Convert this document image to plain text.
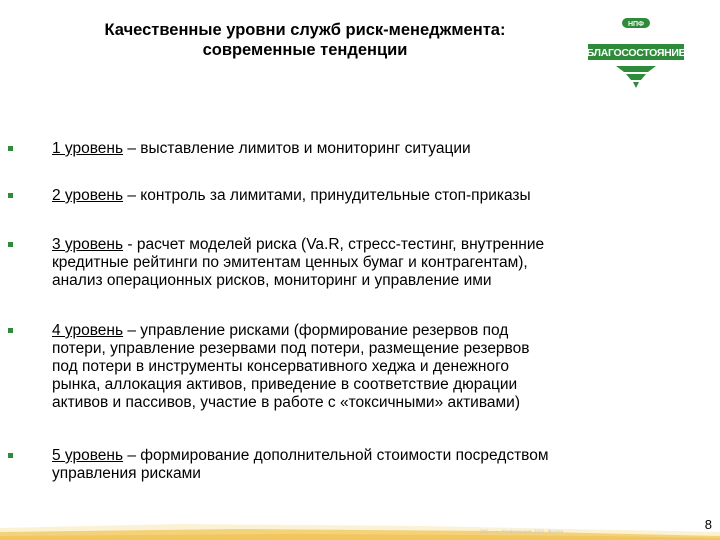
Качественные уровни служб риск-менеджмента:
современные тенденции
НПФ
БЛАГОСОСТОЯНИЕ
1 уровень – выставление лимитов и мониторинг ситуации
2 уровень – контроль за лимитами, принудительные стоп-приказы
3 уровень - расчет моделей риска (Va.R, стресс-тестинг, внутренние
кредитные рейтинги по эмитентам ценных бумаг и контрагентам),
анализ операционных рисков, мониторинг и управление ими
4 уровень – управление рисками (формирование резервов под
потери, управление резервами под потери, размещение резервов
под потери в инструменты консервативного хеджа и денежного
рынка, аллокация активов, приведение в соответствие дюрации
активов и пассивов, участие в работе с «токсичными» активами)
5 уровень – формирование дополнительной стоимости посредством
управления рисками
ЗАО «...» · Конференция, 2010 · Москва	8
